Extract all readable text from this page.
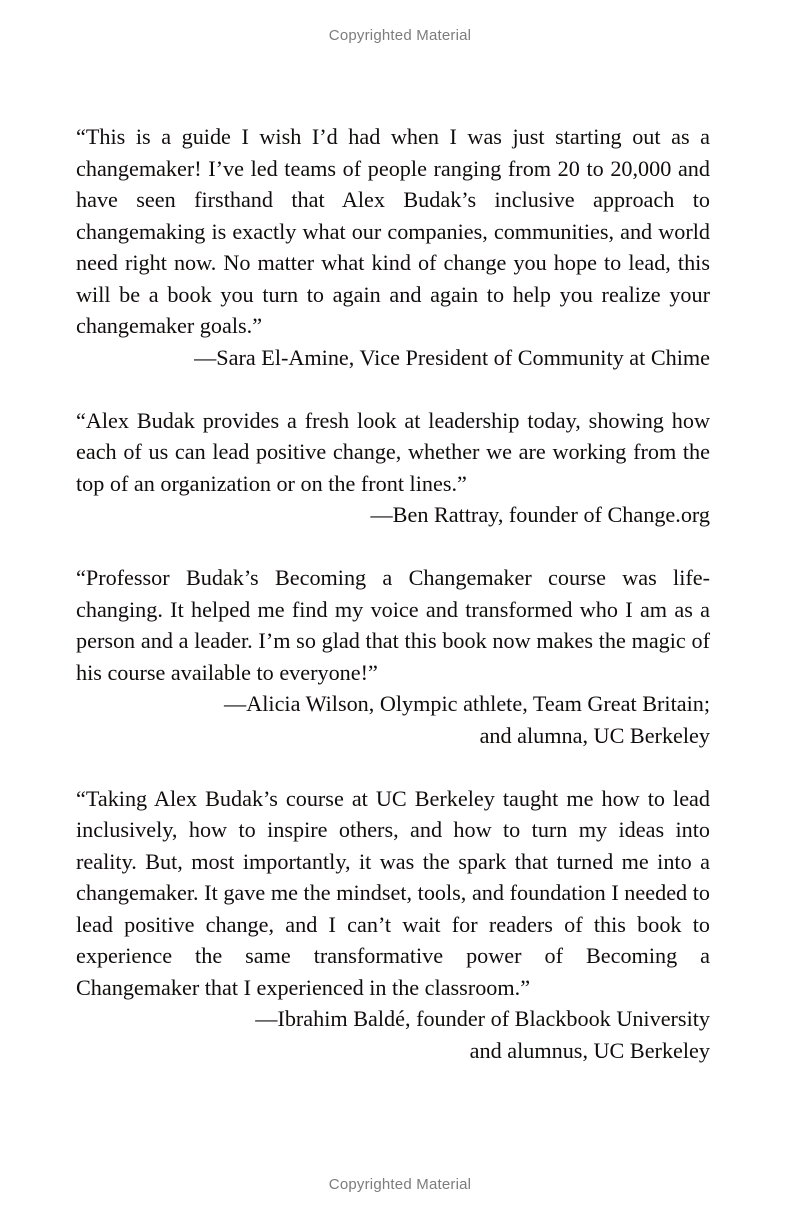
Copyrighted Material

“This is a guide I wish I’d had when I was just starting out as a changemaker! I’ve led teams of people ranging from 20 to 20,000 and have seen firsthand that Alex Budak’s inclusive approach to changemaking is exactly what our companies, communities, and world need right now. No matter what kind of change you hope to lead, this will be a book you turn to again and again to help you realize your changemaker goals.”

—Sara El-Amine, Vice President of Community at Chime

“Alex Budak provides a fresh look at leadership today, showing how each of us can lead positive change, whether we are working from the top of an organization or on the front lines.”

—Ben Rattray, founder of Change.org

“Professor Budak’s Becoming a Changemaker course was life-changing. It helped me find my voice and transformed who I am as a person and a leader. I’m so glad that this book now makes the magic of his course available to everyone!”

—Alicia Wilson, Olympic athlete, Team Great Britain;

and alumna, UC Berkeley

“Taking Alex Budak’s course at UC Berkeley taught me how to lead inclusively, how to inspire others, and how to turn my ideas into reality. But, most importantly, it was the spark that turned me into a changemaker. It gave me the mindset, tools, and foundation I needed to lead positive change, and I can’t wait for readers of this book to experience the same transformative power of Becoming a Changemaker that I experienced in the classroom.”

—Ibrahim Baldé, founder of Blackbook University

and alumnus, UC Berkeley

Copyrighted Material
